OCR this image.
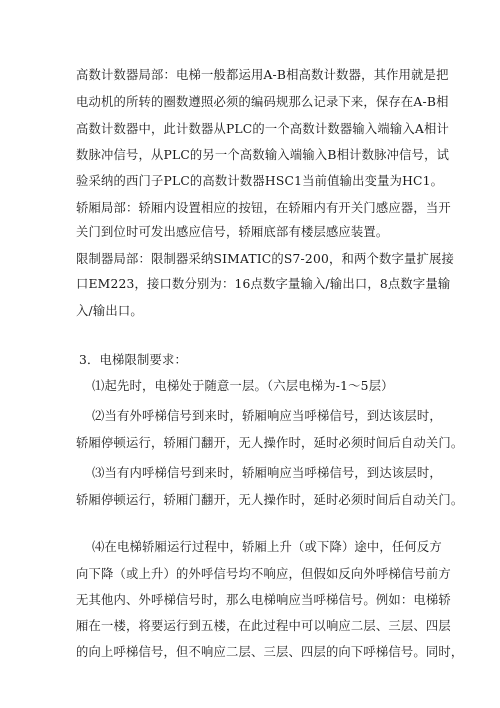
高数计数器局部：电梯一般都运用A-B相高数计数器，其作用就是把
电动机的所转的圈数遵照必须的编码规那么记录下来，保存在A-B相
高数计数器中，此计数器从PLC的一个高数计数器输入端输入A相计
数脉冲信号，从PLC的另一个高数输入端输入B相计数脉冲信号，试
验采纳的西门子PLC的高数计数器HSC1当前值输出变量为HC1。
轿厢局部：轿厢内设置相应的按钮，在轿厢内有开关门感应器，当开
关门到位时可发出感应信号，轿厢底部有楼层感应装置。
限制器局部：限制器采纳SIMATIC的S7-200，和两个数字量扩展接
口EM223，接口数分别为：16点数字量输入/输出口，8点数字量输
入/输出口。
3．电梯限制要求：
⑴起先时，电梯处于随意一层。（六层电梯为-1～5层）
⑵当有外呼梯信号到来时，轿厢响应当呼梯信号，到达该层时，
轿厢停顿运行，轿厢门翻开，无人操作时，延时必须时间后自动关门。
⑶当有内呼梯信号到来时，轿厢响应当呼梯信号，到达该层时，
轿厢停顿运行，轿厢门翻开，无人操作时，延时必须时间后自动关门。
⑷在电梯轿厢运行过程中，轿厢上升（或下降）途中，任何反方
向下降（或上升）的外呼信号均不响应，但假如反向外呼梯信号前方
无其他内、外呼梯信号时，那么电梯响应当呼梯信号。例如：电梯轿
厢在一楼，将要运行到五楼，在此过程中可以响应二层、三层、四层
的向上呼梯信号，但不响应二层、三层、四层的向下呼梯信号。同时，
